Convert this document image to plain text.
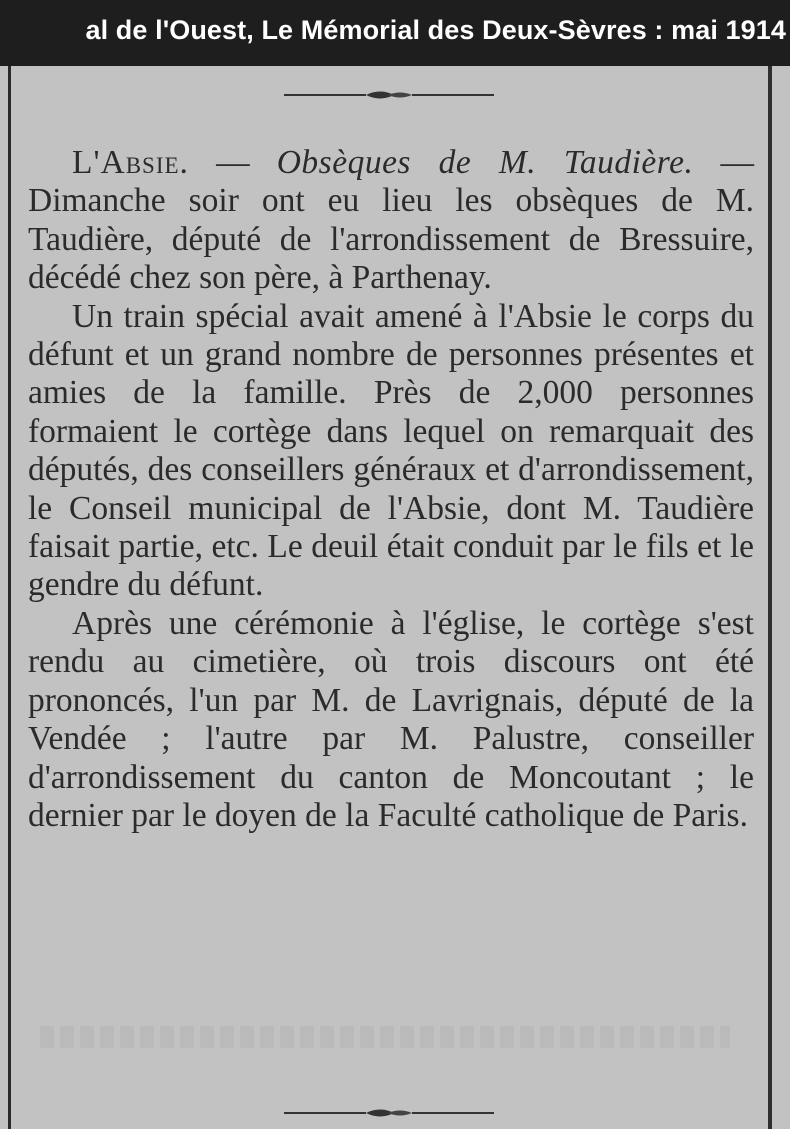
al de l'Ouest, Le Mémorial des Deux-Sèvres : mai 1914

L'Absie. — Obsèques de M. Taudière. — Dimanche soir ont eu lieu les obsèques de M. Taudière, député de l'arrondissement de Bressuire, décédé chez son père, à Parthenay.

Un train spécial avait amené à l'Absie le corps du défunt et un grand nombre de personnes présentes et amies de la famille. Près de 2,000 personnes formaient le cortège dans lequel on remarquait des députés, des conseillers généraux et d'arrondissement, le Conseil municipal de l'Absie, dont M. Taudière faisait partie, etc. Le deuil était conduit par le fils et le gendre du défunt.

Après une cérémonie à l'église, le cortège s'est rendu au cimetière, où trois discours ont été prononcés, l'un par M. de Lavrignais, député de la Vendée ; l'autre par M. Palustre, conseiller d'arrondissement du canton de Moncoutant ; le dernier par le doyen de la Faculté catholique de Paris.
